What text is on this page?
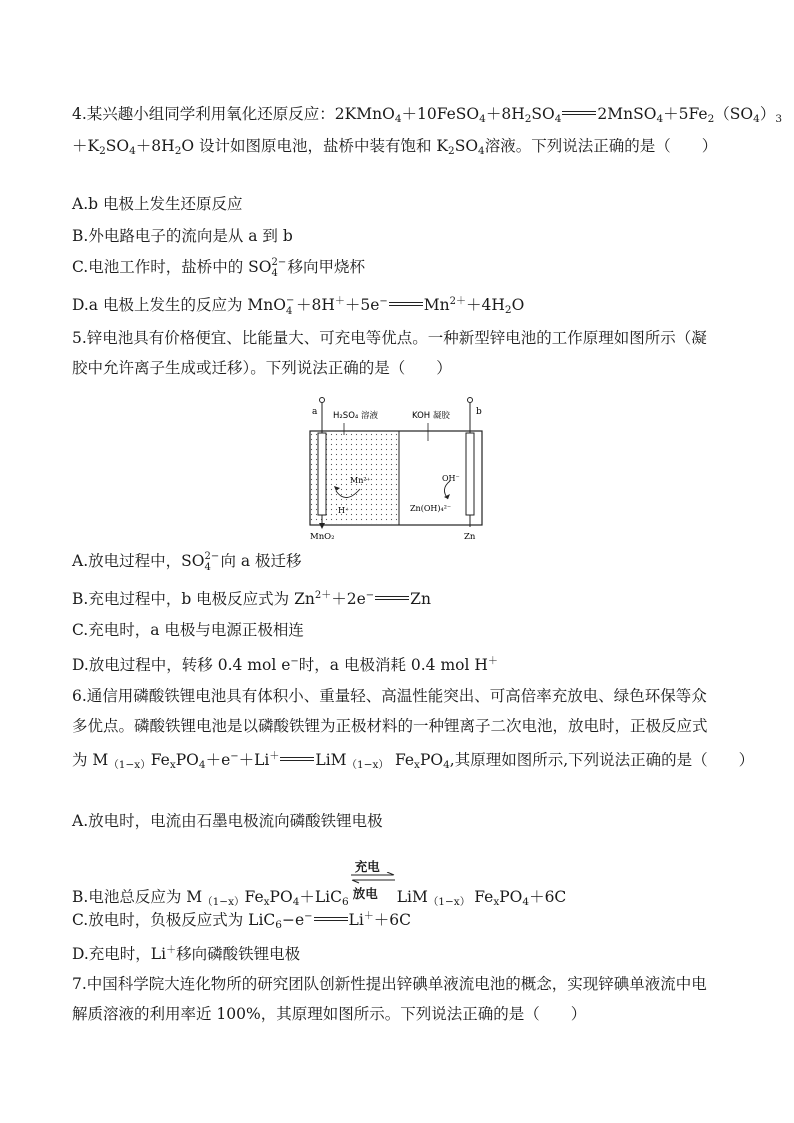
4.某兴趣小组同学利用氧化还原反应：$2KMnO_4+10FeSO_4+8H_2SO_4$ $2MnSO_4+5Fe_2(SO_4)_3$
$+K_2SO_4+8H_2O$ 设计如图原电池，盐桥中装有饱和 $K_2SO_4$溶液。下列说法正确的是（　　）
A.b 电极上发生还原反应
B.外电路电子的流向是从 a 到 b
C.电池工作时，盐桥中的 SO 2−
4 移向甲烧杯
D.a 电极上发生的反应为 MnO −
4 ＋8H＋＋5e− $Mn^{2+}+4H_2O$
5.锌电池具有价格便宜、比能量大、可充电等优点。一种新型锌电池的工作原理如图所示（凝
胶中允许离子生成或迁移）。下列说法正确的是（　　）
a	b
H₂SO₄ 溶液	KOH 凝胶
Mn²⁺
H⁺
OH⁻
Zn(OH)₄²⁻
MnO₂	Zn
A.放电过程中，SO 2−
4 向 a 极迁移
B.充电过程中，b 电极反应式为 $Zn^{2+}+2e^-$ Zn
C.充电时，a 电极与电源正极相连
D.放电过程中，转移 0.4 mol e−时，a 电极消耗 0.4 mol H＋
6.通信用磷酸铁锂电池具有体积小、重量轻、高温性能突出、可高倍率充放电、绿色环保等众
多优点。磷酸铁锂电池是以磷酸铁锂为正极材料的一种锂离子二次电池，放电时，正极反应式
为 $M_{(1-x)}Fe_xPO_4+e^-+Li^+$ LiM$_{(1-x)}$ $Fe_xPO_4$,其原理如图所示,下列说法正确的是（　　）
A.放电时，电流由石墨电极流向磷酸铁锂电极
B.电池总反应为 $M_{(1-x)}Fe_xPO_4+LiC_6$
充电
放电 LiM$_{(1-x)}$ $Fe_xPO_4+6C$
C.放电时，负极反应式为 LiC$_6$−e− Li＋＋6C
D.充电时，Li＋移向磷酸铁锂电极
7.中国科学院大连化物所的研究团队创新性提出锌碘单液流电池的概念，实现锌碘单液流中电
解质溶液的利用率近 100%，其原理如图所示。下列说法正确的是（　　）
